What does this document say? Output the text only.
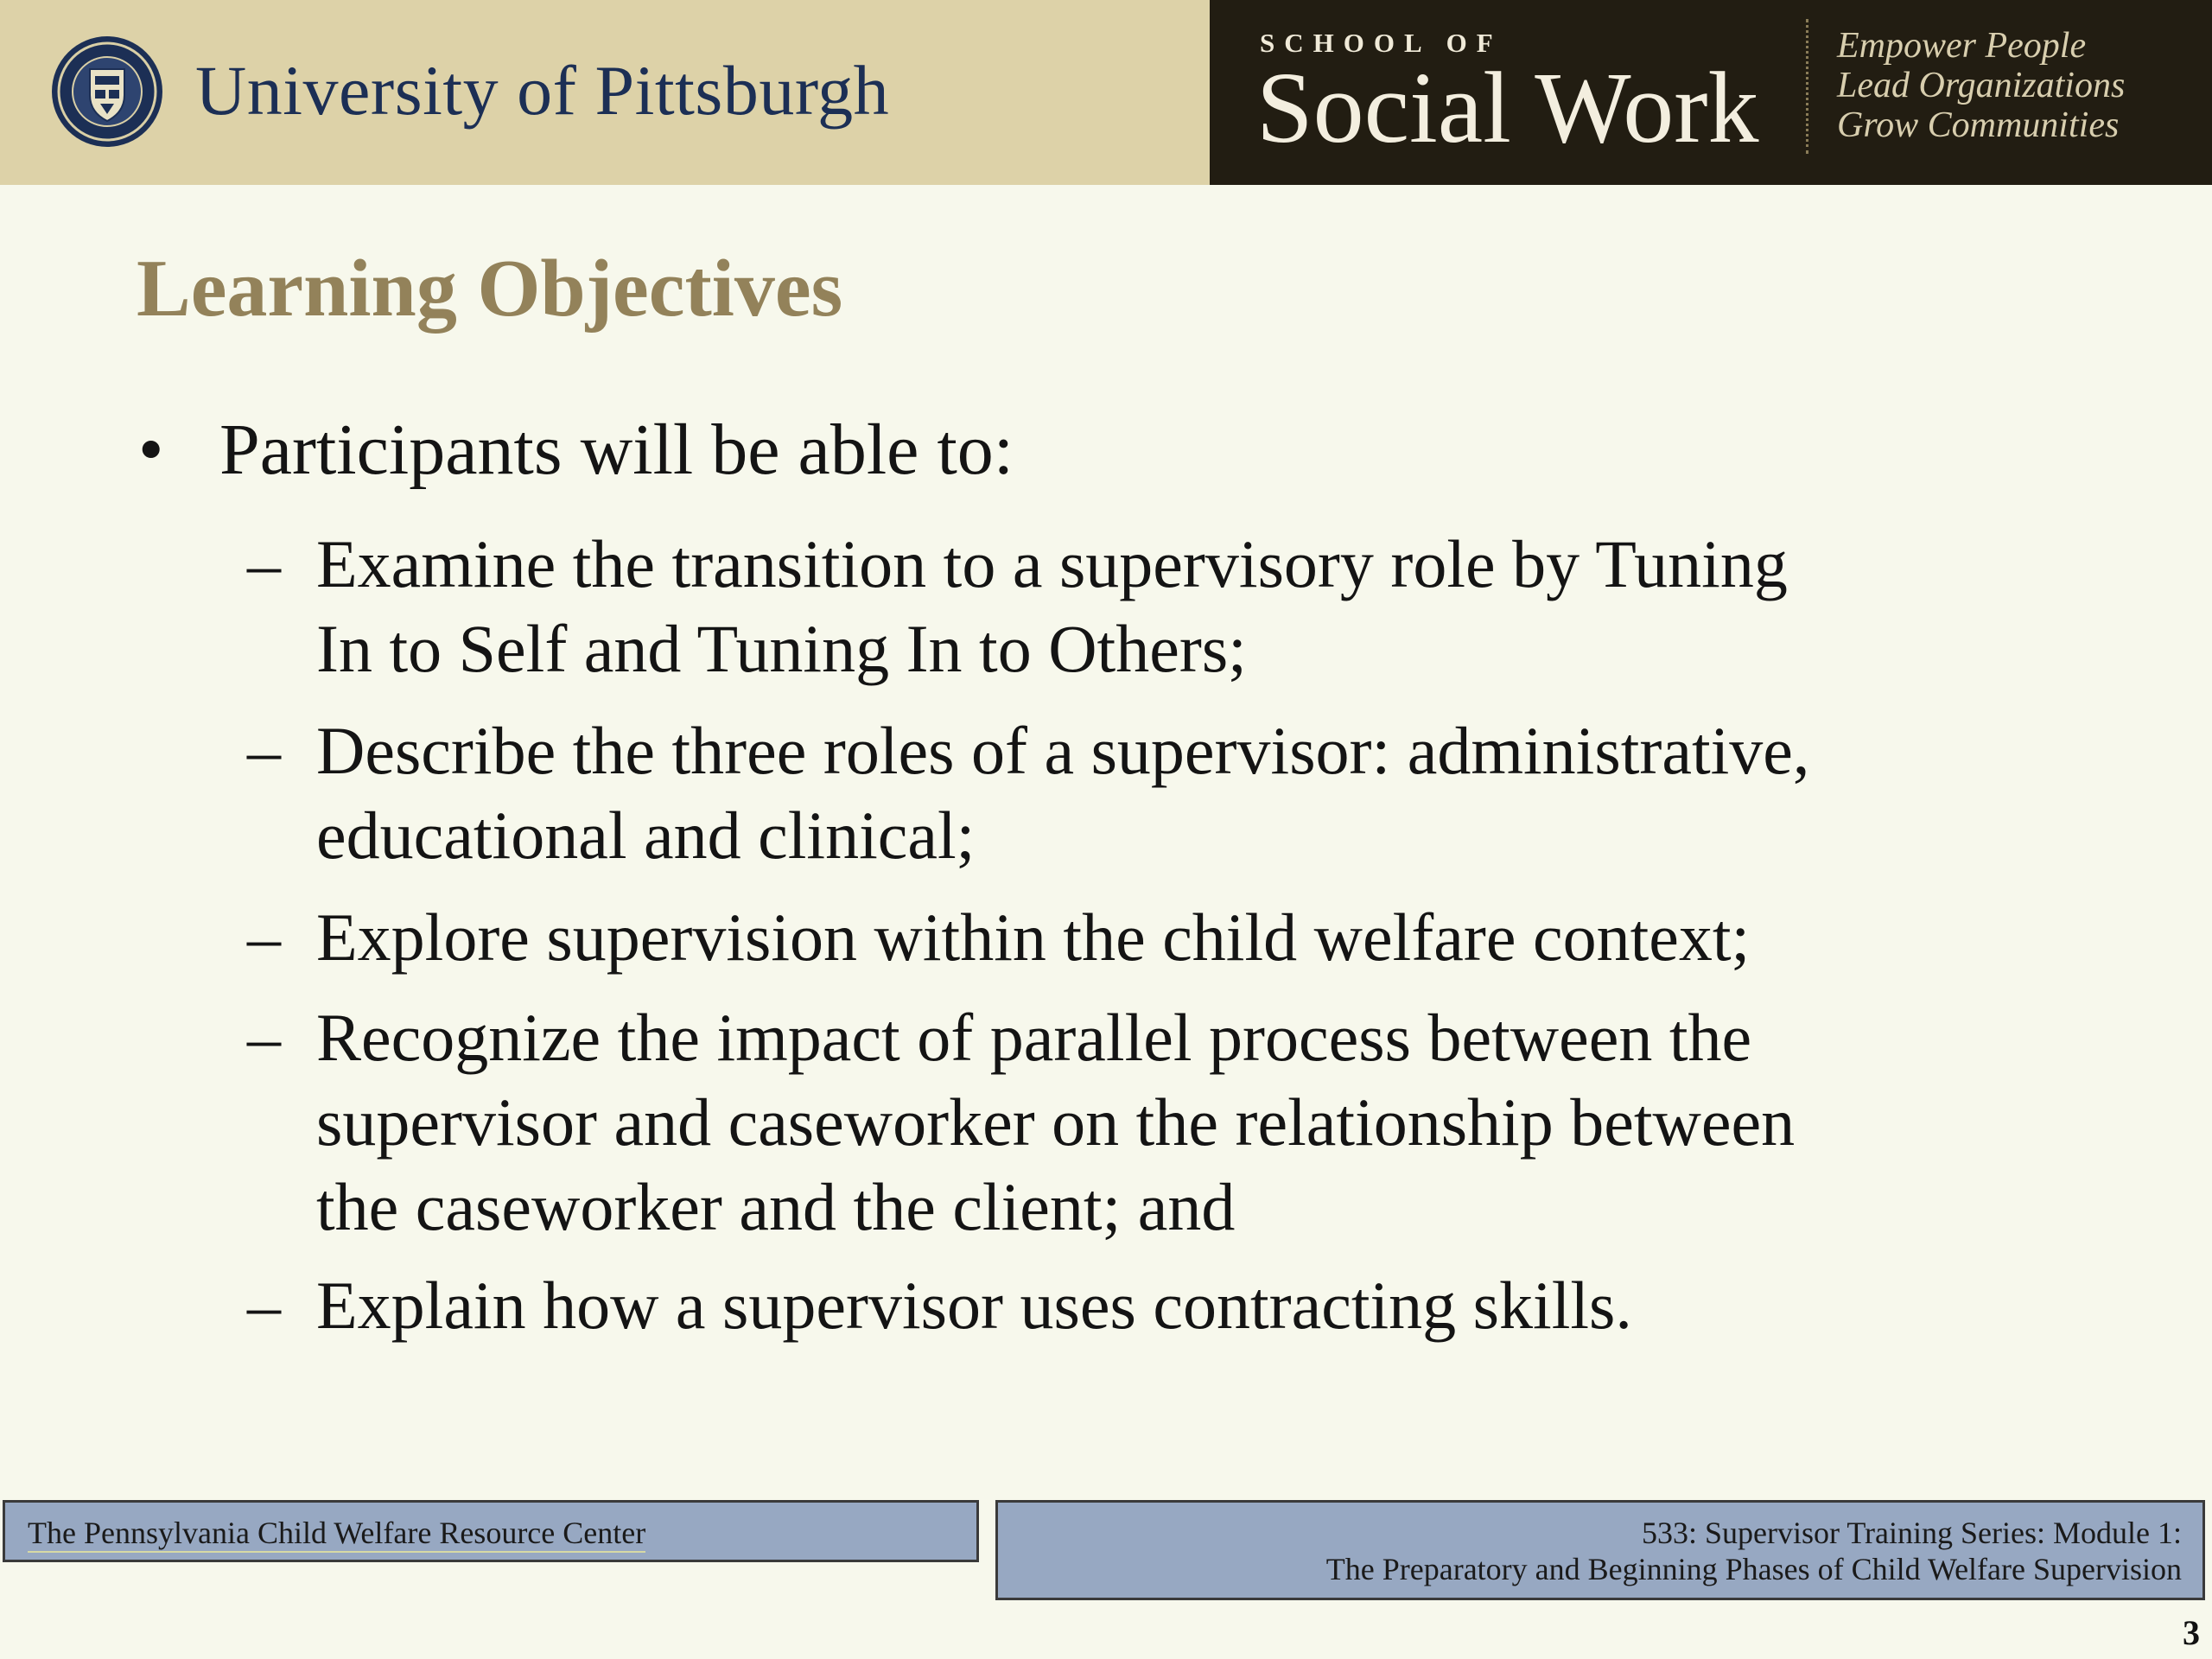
University of Pittsburgh
SCHOOL OF
Social Work
Empower People
Lead Organizations
Grow Communities
Learning Objectives
• Participants will be able to:
– Examine the transition to a supervisory role by Tuning
In to Self and Tuning In to Others;
– Describe the three roles of a supervisor: administrative,
educational and clinical;
– Explore supervision within the child welfare context;
– Recognize the impact of parallel process between the
supervisor and caseworker on the relationship between
the caseworker and the client; and
– Explain how a supervisor uses contracting skills.
The Pennsylvania Child Welfare Resource Center	533: Supervisor Training Series: Module 1:
The Preparatory and Beginning Phases of Child Welfare Supervision
3
